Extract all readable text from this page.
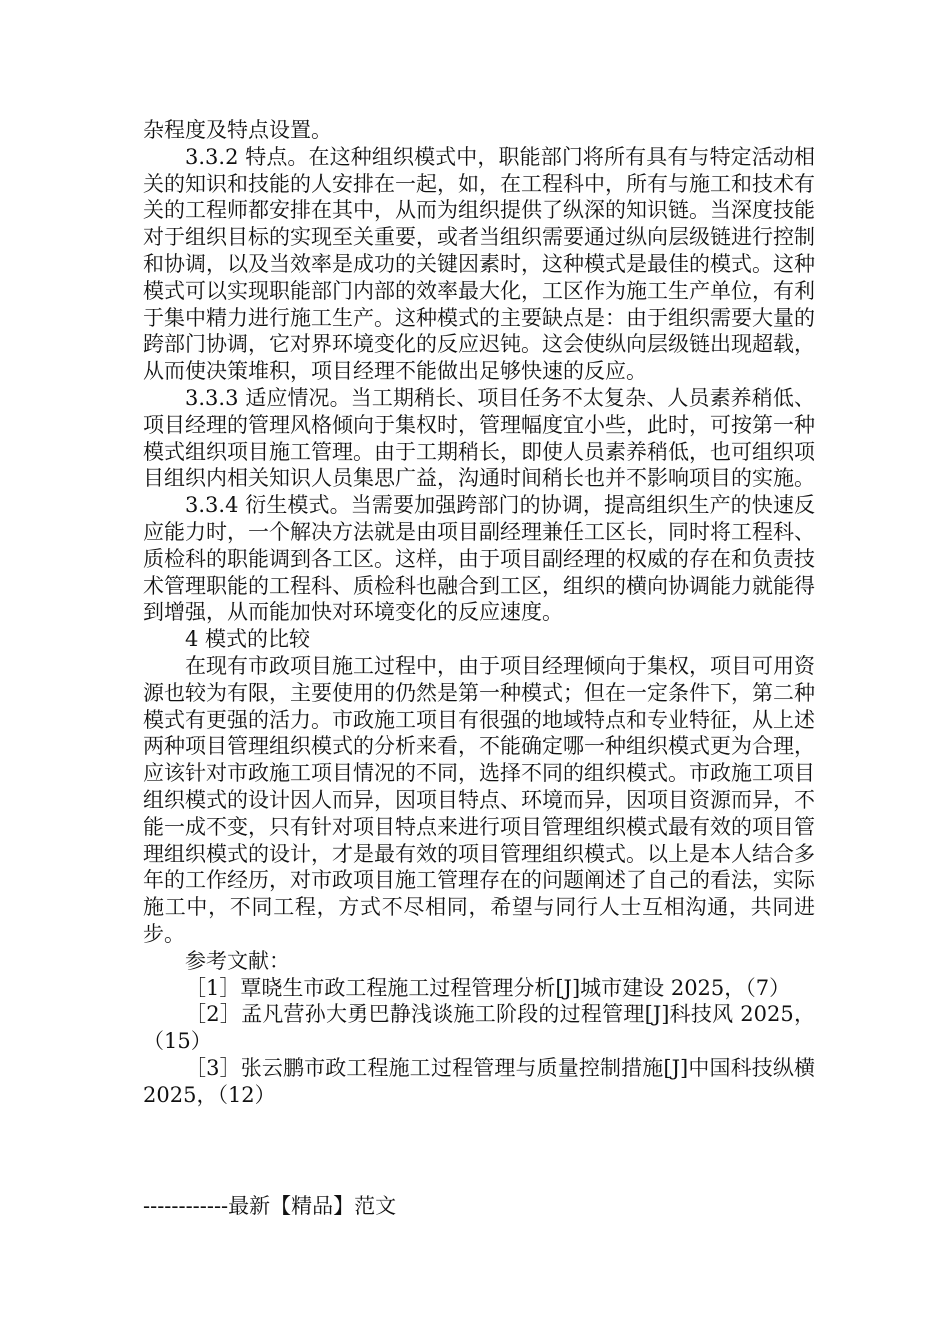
杂程度及特点设置。

3.3.2 特点。在这种组织模式中，职能部门将所有具有与特定活动相关的知识和技能的人安排在一起，如，在工程科中，所有与施工和技术有关的工程师都安排在其中，从而为组织提供了纵深的知识链。当深度技能对于组织目标的实现至关重要，或者当组织需要通过纵向层级链进行控制和协调，以及当效率是成功的关键因素时，这种模式是最佳的模式。这种模式可以实现职能部门内部的效率最大化，工区作为施工生产单位，有利于集中精力进行施工生产。这种模式的主要缺点是：由于组织需要大量的跨部门协调，它对界环境变化的反应迟钝。这会使纵向层级链出现超载，从而使决策堆积，项目经理不能做出足够快速的反应。

3.3.3 适应情况。当工期稍长、项目任务不太复杂、人员素养稍低、项目经理的管理风格倾向于集权时，管理幅度宜小些，此时，可按第一种模式组织项目施工管理。由于工期稍长，即使人员素养稍低，也可组织项目组织内相关知识人员集思广益，沟通时间稍长也并不影响项目的实施。

3.3.4 衍生模式。当需要加强跨部门的协调，提高组织生产的快速反应能力时，一个解决方法就是由项目副经理兼任工区长，同时将工程科、质检科的职能调到各工区。这样，由于项目副经理的权威的存在和负责技术管理职能的工程科、质检科也融合到工区，组织的横向协调能力就能得到增强，从而能加快对环境变化的反应速度。

4 模式的比较

在现有市政项目施工过程中，由于项目经理倾向于集权，项目可用资源也较为有限，主要使用的仍然是第一种模式；但在一定条件下，第二种模式有更强的活力。市政施工项目有很强的地域特点和专业特征，从上述两种项目管理组织模式的分析来看，不能确定哪一种组织模式更为合理，应该针对市政施工项目情况的不同，选择不同的组织模式。市政施工项目组织模式的设计因人而异，因项目特点、环境而异，因项目资源而异，不能一成不变，只有针对项目特点来进行项目管理组织模式最有效的项目管理组织模式的设计，才是最有效的项目管理组织模式。以上是本人结合多年的工作经历，对市政项目施工管理存在的问题阐述了自己的看法，实际施工中，不同工程，方式不尽相同，希望与同行人士互相沟通，共同进步。

参考文献：

［1］覃晓生市政工程施工过程管理分析[J]城市建设 2025，（7）

［2］孟凡营孙大勇巴静浅谈施工阶段的过程管理[J]科技风 2025，（15）

［3］张云鹏市政工程施工过程管理与质量控制措施[J]中国科技纵横 2025，（12）

------------最新【精品】范文
